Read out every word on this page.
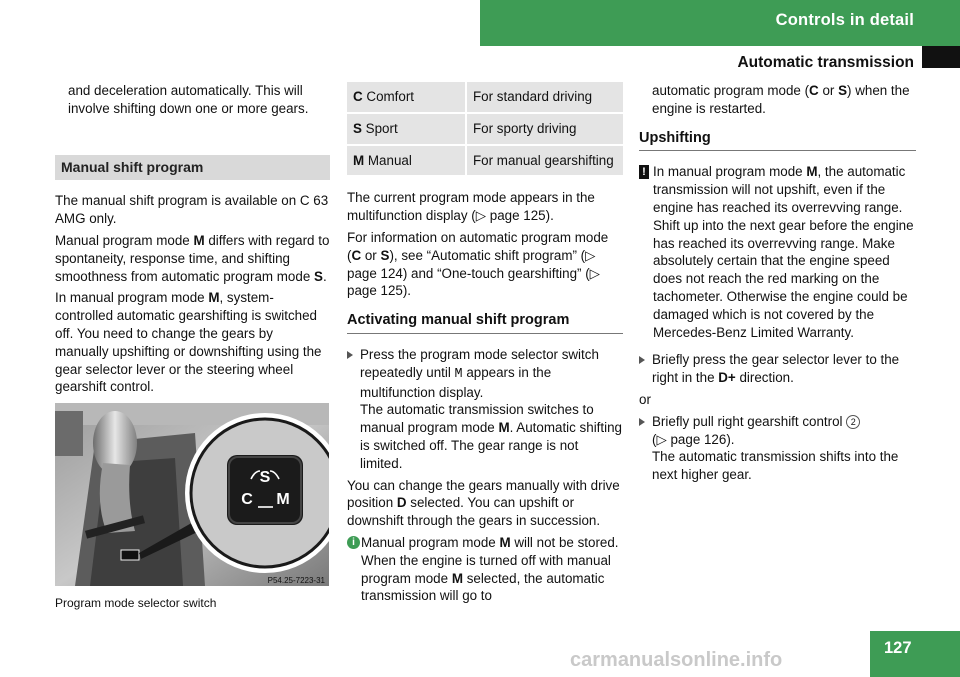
Controls in detail
Automatic transmission

and deceleration automatically. This will involve shifting down one or more gears.

Manual shift program

The manual shift program is available on C 63 AMG only.

Manual program mode M differs with regard to spontaneity, response time, and shifting smoothness from automatic program mode S.

In manual program mode M, system-controlled automatic gearshifting is switched off. You need to change the gears by manually upshifting or downshifting using the gear selector lever or the steering wheel gearshift control.

S
C M
P54.25-7223-31
Program mode selector switch
C Comfort	For standard driving
S Sport	For sporty driving
M Manual	For manual gearshifting

The current program mode appears in the multifunction display (▷ page 125).

For information on automatic program mode (C or S), see “Automatic shift program” (▷ page 124) and “One-touch gearshifting” (▷ page 125).

Activating manual shift program

Press the program mode selector switch repeatedly until M appears in the multifunction display.
The automatic transmission switches to manual program mode M. Automatic shifting is switched off. The gear range is not limited.

You can change the gears manually with drive position D selected. You can upshift or downshift through the gears in succession.

i Manual program mode M will not be stored. When the engine is turned off with manual program mode M selected, the automatic transmission will go to

automatic program mode (C or S) when the engine is restarted.

Upshifting
! In manual program mode M, the automatic transmission will not upshift, even if the engine has reached its overrevving range. Shift up into the next gear before the engine has reached its overrevving range. Make absolutely certain that the engine speed does not reach the red marking on the tachometer. Otherwise the engine could be damaged which is not covered by the Mercedes-Benz Limited Warranty.

Briefly press the gear selector lever to the right in the D+ direction.

or

Briefly pull right gearshift control 2
(▷ page 126).
The automatic transmission shifts into the next higher gear.

127
carmanualsonline.info
